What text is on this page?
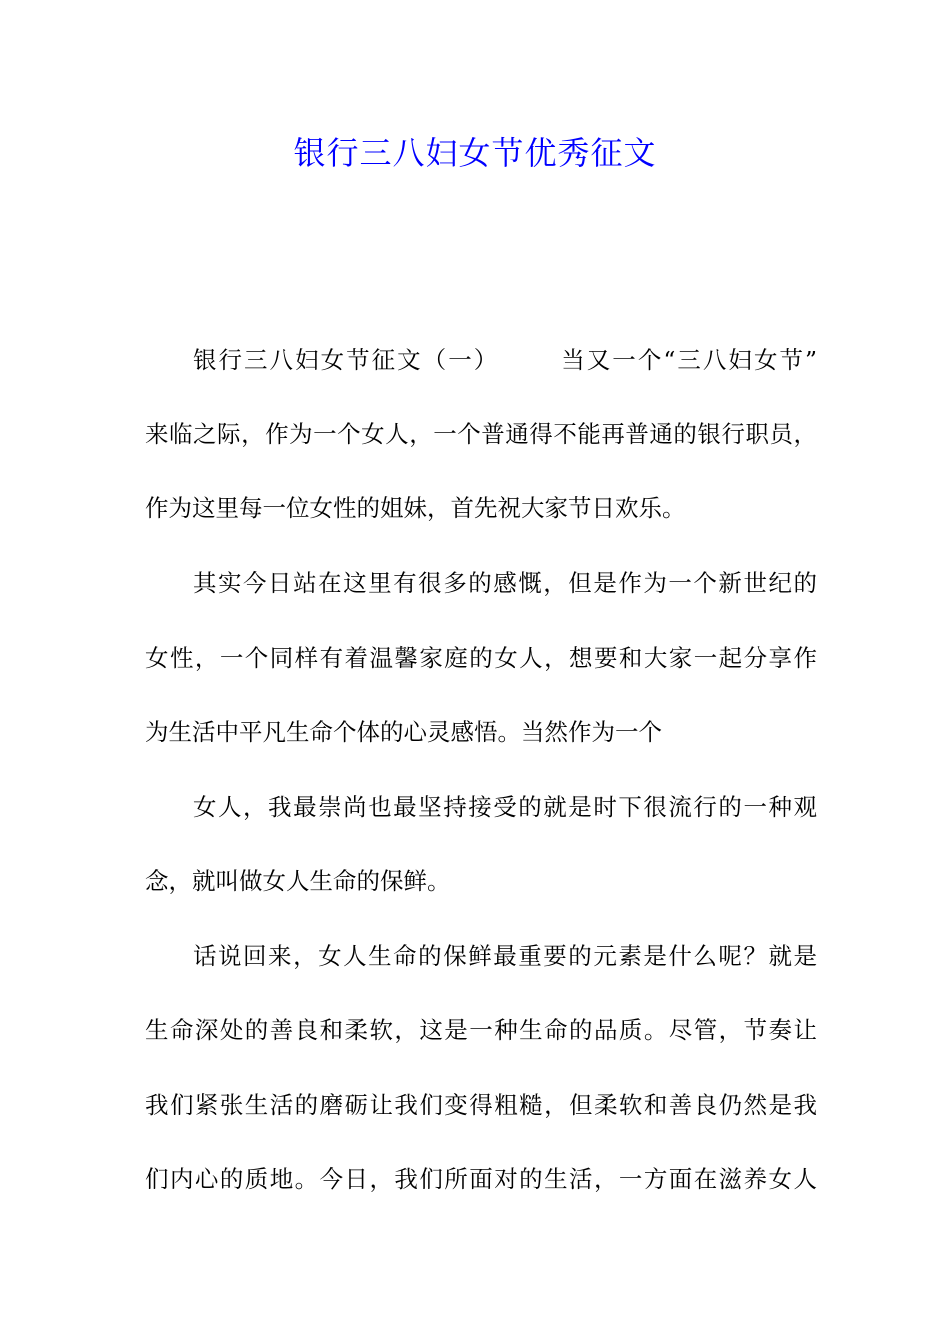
银行三八妇女节优秀征文
银行三八妇女节征文（一）	当又一个“三八妇女节”
来临之际，作为一个女人，一个普通得不能再普通的银行职员，
作为这里每一位女性的姐妹，首先祝大家节日欢乐。
其实今日站在这里有很多的感慨，但是作为一个新世纪的
女性，一个同样有着温馨家庭的女人，想要和大家一起分享作
为生活中平凡生命个体的心灵感悟。当然作为一个
女人，我最崇尚也最坚持接受的就是时下很流行的一种观
念，就叫做女人生命的保鲜。
话说回来，女人生命的保鲜最重要的元素是什么呢？就是
生命深处的善良和柔软，这是一种生命的品质。尽管，节奏让
我们紧张生活的磨砺让我们变得粗糙，但柔软和善良仍然是我
们内心的质地。今日，我们所面对的生活，一方面在滋养女人
